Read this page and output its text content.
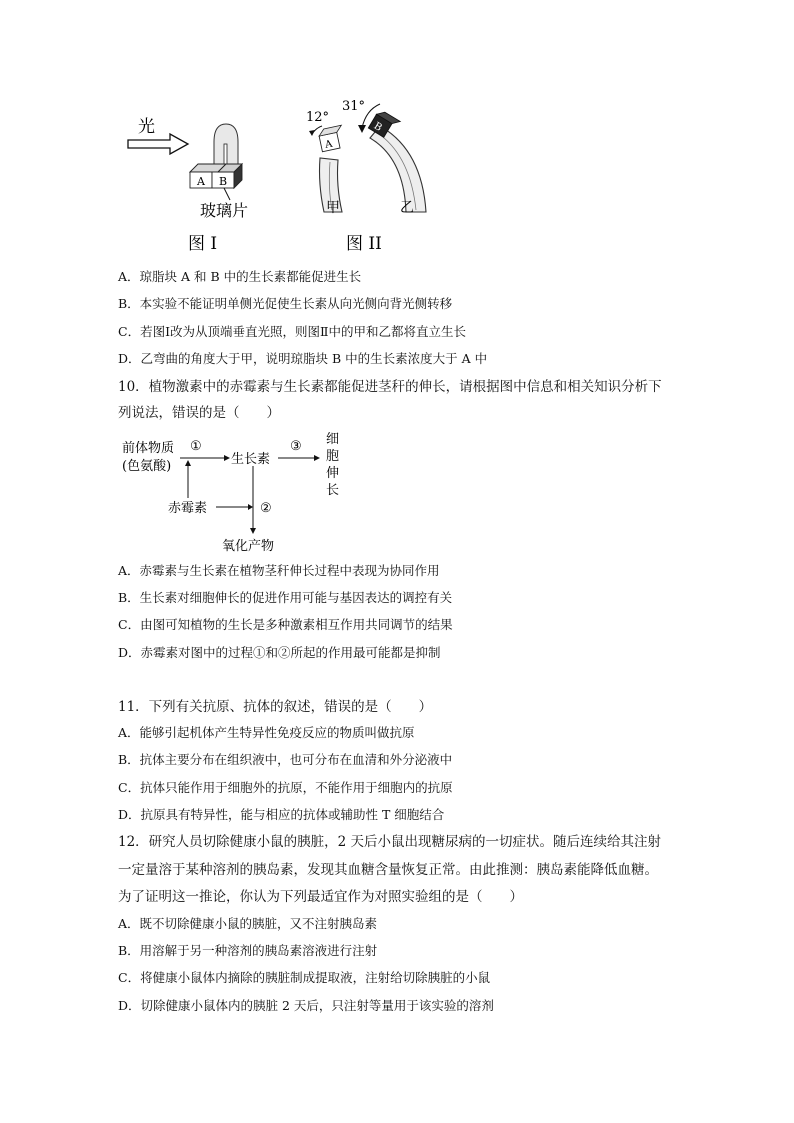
光
A B
玻璃片
A
12°
甲
B
31°
乙
图 I	图 II
A．琼脂块 A 和 B 中的生长素都能促进生长
B．本实验不能证明单侧光促使生长素从向光侧向背光侧转移
C．若图Ⅰ改为从顶端垂直光照，则图Ⅱ中的甲和乙都将直立生长
D．乙弯曲的角度大于甲，说明琼脂块 B 中的生长素浓度大于 A 中
10．植物激素中的赤霉素与生长素都能促进茎秆的伸长，请根据图中信息和相关知识分析下
列说法，错误的是（　　）
前体物质
(色氨酸)
①
生长素
③ 细
胞
伸
长
赤霉素	②
氧化产物
A．赤霉素与生长素在植物茎秆伸长过程中表现为协同作用
B．生长素对细胞伸长的促进作用可能与基因表达的调控有关
C．由图可知植物的生长是多种激素相互作用共同调节的结果
D．赤霉素对图中的过程①和②所起的作用最可能都是抑制
11．下列有关抗原、抗体的叙述，错误的是（　　）
A．能够引起机体产生特异性免疫反应的物质叫做抗原
B．抗体主要分布在组织液中，也可分布在血清和外分泌液中
C．抗体只能作用于细胞外的抗原，不能作用于细胞内的抗原
D．抗原具有特异性，能与相应的抗体或辅助性 T 细胞结合
12．研究人员切除健康小鼠的胰脏，2 天后小鼠出现糖尿病的一切症状。随后连续给其注射
一定量溶于某种溶剂的胰岛素，发现其血糖含量恢复正常。由此推测：胰岛素能降低血糖。
为了证明这一推论，你认为下列最适宜作为对照实验组的是（　　）
A．既不切除健康小鼠的胰脏，又不注射胰岛素
B．用溶解于另一种溶剂的胰岛素溶液进行注射
C．将健康小鼠体内摘除的胰脏制成提取液，注射给切除胰脏的小鼠
D．切除健康小鼠体内的胰脏 2 天后，只注射等量用于该实验的溶剂
